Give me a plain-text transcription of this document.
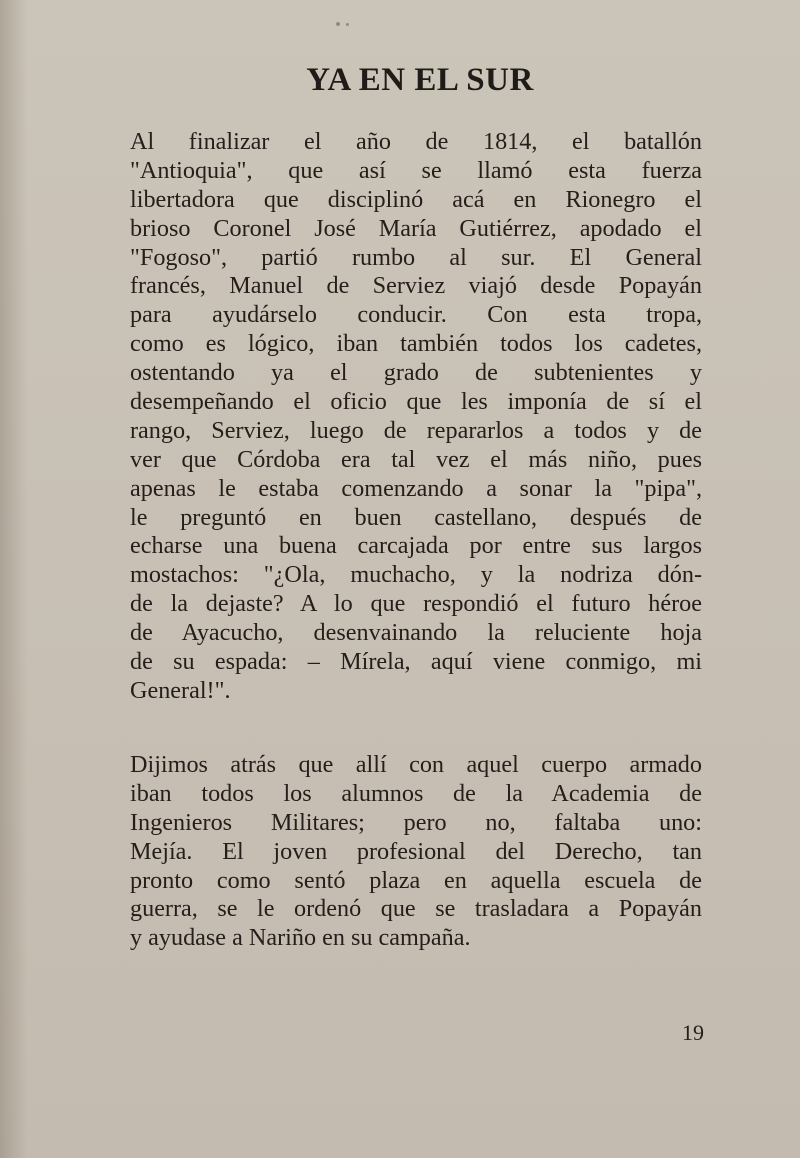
YA EN EL SUR
Al finalizar el año de 1814, el batallón
"Antioquia", que así se llamó esta fuerza
libertadora que disciplinó acá en Rionegro el
brioso Coronel José María Gutiérrez, apodado el
"Fogoso", partió rumbo al sur. El General
francés, Manuel de Serviez viajó desde Popayán
para ayudárselo conducir. Con esta tropa,
como es lógico, iban también todos los cadetes,
ostentando ya el grado de subtenientes y
desempeñando el oficio que les imponía de sí el
rango, Serviez, luego de repararlos a todos y de
ver que Córdoba era tal vez el más niño, pues
apenas le estaba comenzando a sonar la "pipa",
le preguntó en buen castellano, después de
echarse una buena carcajada por entre sus largos
mostachos: "¿Ola, muchacho, y la nodriza dón-
de la dejaste? A lo que respondió el futuro héroe
de Ayacucho, desenvainando la reluciente hoja
de su espada: – Mírela, aquí viene conmigo, mi
General!".
Dijimos atrás que allí con aquel cuerpo armado
iban todos los alumnos de la Academia de
Ingenieros Militares; pero no, faltaba uno:
Mejía. El joven profesional del Derecho, tan
pronto como sentó plaza en aquella escuela de
guerra, se le ordenó que se trasladara a Popayán
y ayudase a Nariño en su campaña.
19
